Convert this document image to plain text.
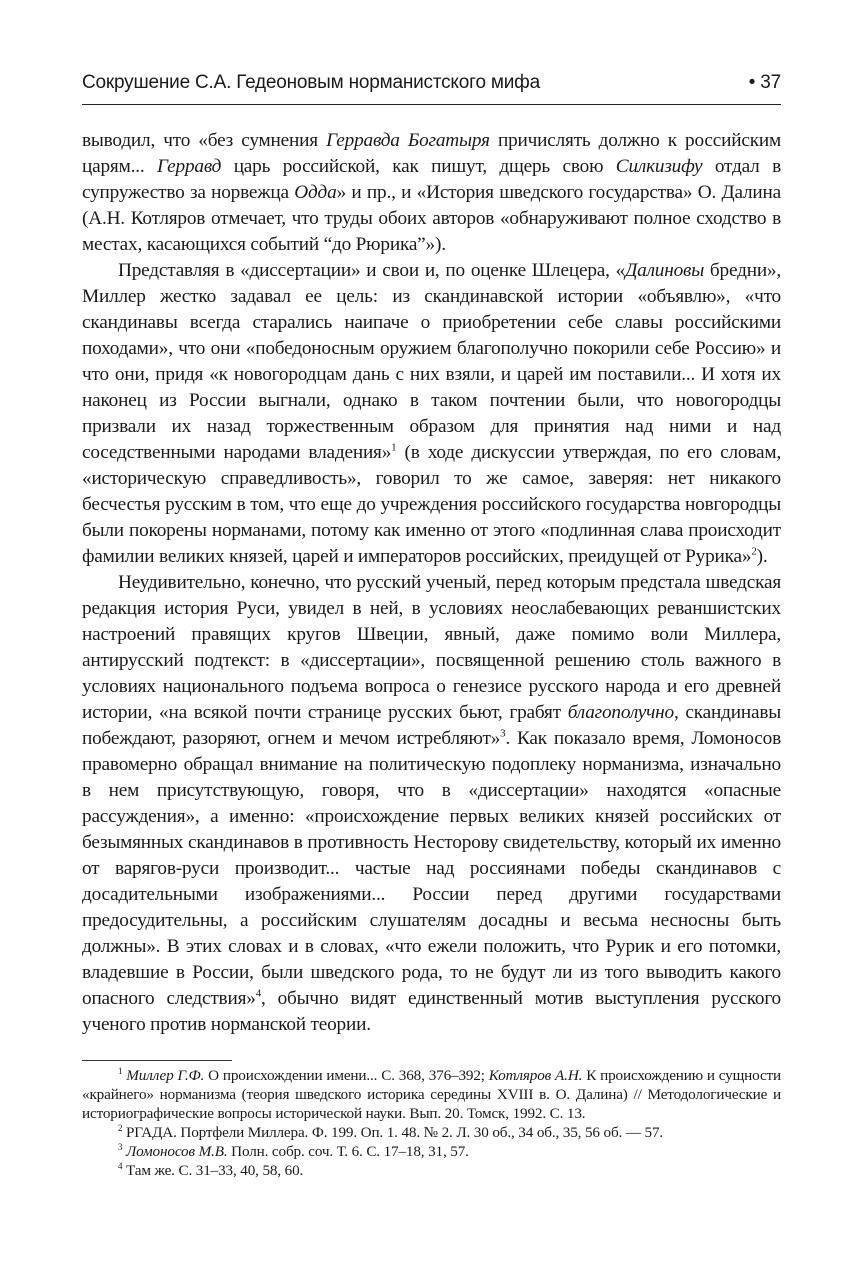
Сокрушение С.А. Гедеоновым норманистского мифа	• 37

выводил, что «без сумнения Герравда Богатыря причислять должно к российским царям... Герравд царь российской, как пишут, дщерь свою Силкизифу отдал в супружество за норвежца Одда» и пр., и «История шведского государства» О. Далина (А.Н. Котляров отмечает, что труды обоих авторов «обнаруживают полное сходство в местах, касающихся событий “до Рюрика”»).

Представляя в «диссертации» и свои и, по оценке Шлецера, «Далиновы бредни», Миллер жестко задавал ее цель: из скандинавской истории «объявлю», «что скандинавы всегда старались наипаче о приобретении себе славы российскими походами», что они «победоносным оружием благополучно покорили себе Россию» и что они, придя «к новогородцам дань с них взяли, и царей им поставили... И хотя их наконец из России выгнали, однако в таком почтении были, что новогородцы призвали их назад торжественным образом для принятия над ними и над соседственными народами владения»$^1$ (в ходе дискуссии утверждая, по его словам, «историческую справедливость», говорил то же самое, заверяя: нет никакого бесчестья русским в том, что еще до учреждения российского государства новгородцы были покорены норманами, потому как именно от этого «подлинная слава происходит фамилии великих князей, царей и императоров российских, преидущей от Рурика»$^2$).

Неудивительно, конечно, что русский ученый, перед которым предстала шведская редакция история Руси, увидел в ней, в условиях неослабевающих реваншистских настроений правящих кругов Швеции, явный, даже помимо воли Миллера, антирусский подтекст: в «диссертации», посвященной решению столь важного в условиях национального подъема вопроса о генезисе русского народа и его древней истории, «на всякой почти странице русских бьют, грабят благополучно, скандинавы побеждают, разоряют, огнем и мечом истребляют»$^3$. Как показало время, Ломоносов правомерно обращал внимание на политическую подоплеку норманизма, изначально в нем присутствующую, говоря, что в «диссертации» находятся «опасные рассуждения», а именно: «происхождение первых великих князей российских от безымянных скандинавов в противность Несторову свидетельству, который их именно от варягов-руси производит... частые над россиянами победы скандинавов с досадительными изображениями... России перед другими государствами предосудительны, а российским слушателям досадны и весьма несносны быть должны». В этих словах и в словах, «что ежели положить, что Рурик и его потомки, владевшие в России, были шведского рода, то не будут ли из того выводить какого опасного следствия»$^4$, обычно видят единственный мотив выступления русского ученого против норманской теории.

$^1$ Миллер Г.Ф. О происхождении имени... С. 368, 376–392; Котляров А.Н. К происхождению и сущности «крайнего» норманизма (теория шведского историка середины XVIII в. О. Далина) // Методологические и историографические вопросы исторической науки. Вып. 20. Томск, 1992. С. 13.

$^2$ РГАДА. Портфели Миллера. Ф. 199. Оп. 1. 48. № 2. Л. 30 об., 34 об., 35, 56 об. — 57.

$^3$ Ломоносов М.В. Полн. собр. соч. Т. 6. С. 17–18, 31, 57.

$^4$ Там же. С. 31–33, 40, 58, 60.
